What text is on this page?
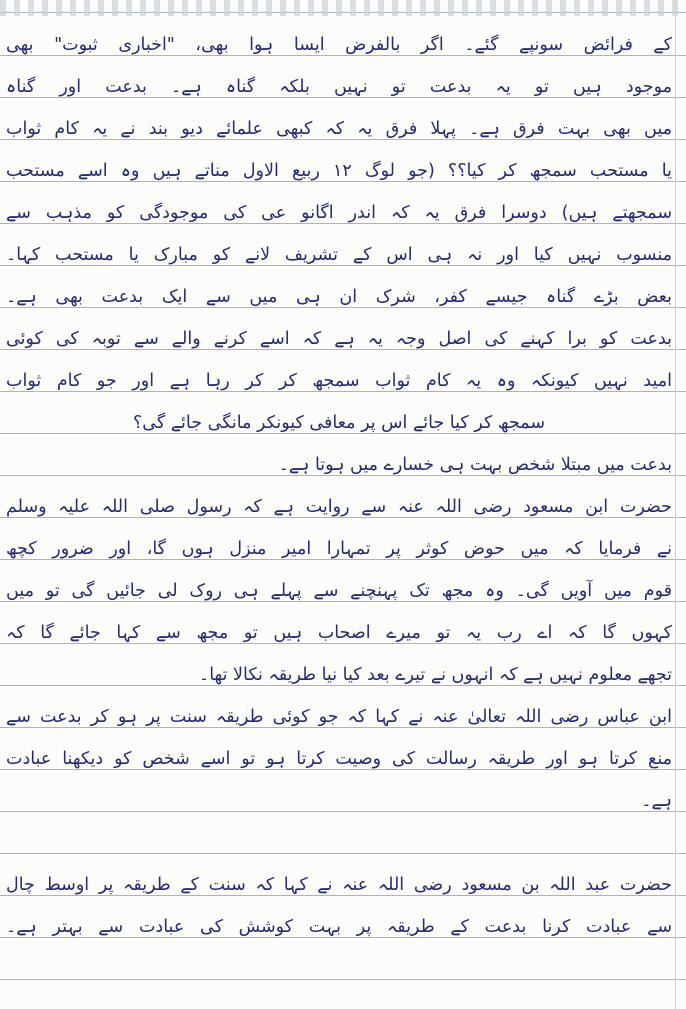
کے فرائض سونپے گئے۔ اگر بالفرض ایسا ہوا بھی، "اخباری ثبوت" بھی
موجود ہیں تو یہ بدعت تو نہیں بلکہ گناہ ہے۔ بدعت اور گناہ
میں بھی بہت فرق ہے۔ پہلا فرق یہ کہ کبھی علمائے دیو بند نے یہ کام ثواب
یا مستحب سمجھ کر کیا؟؟ (جو لوگ ۱۲ ربیع الاول مناتے ہیں وہ اسے مستحب
سمجھتے ہیں) دوسرا فرق یہ کہ اندر اگانو عی کی موجودگی کو مذہب سے
منسوب نہیں کیا اور نہ ہی اس کے تشریف لانے کو مبارک یا مستحب کہا۔
بعض بڑے گناہ جیسے کفر، شرک ان ہی میں سے ایک بدعت بھی ہے۔
بدعت کو برا کہنے کی اصل وجہ یہ ہے کہ اسے کرنے والے سے توبہ کی کوئی
امید نہیں کیونکہ وہ یہ کام ثواب سمجھ کر کر رہا ہے اور جو کام ثواب
سمجھ کر کیا جائے اس پر معافی کیونکر مانگی جائے گی؟
بدعت میں مبتلا شخص بہت ہی خسارے میں ہوتا ہے۔
حضرت ابن مسعود رضی اللہ عنہ سے روایت ہے کہ رسول صلی اللہ علیہ وسلم
نے فرمایا کہ میں حوض کوثر پر تمہارا امیر منزل ہوں گا، اور ضرور کچھ
قوم میں آویں گی۔ وہ مجھ تک پہنچنے سے پہلے ہی روک لی جائیں گی تو میں
کہوں گا کہ اے رب یہ تو میرے اصحاب ہیں تو مجھ سے کہا جائے گا کہ
تجھے معلوم نہیں ہے کہ انہوں نے تیرے بعد کیا نیا طریقہ نکالا تھا۔
ابن عباس رضی اللہ تعالیٰ عنہ نے کہا کہ جو کوئی طریقہ سنت پر ہو کر بدعت سے
منع کرتا ہو اور طریقہ رسالت کی وصیت کرتا ہو تو اسے شخص کو دیکھنا عبادت
ہے۔
حضرت عبد اللہ بن مسعود رضی اللہ عنہ نے کہا کہ سنت کے طریقہ پر اوسط چال
سے عبادت کرنا بدعت کے طریقہ پر بہت کوشش کی عبادت سے بہتر ہے۔
